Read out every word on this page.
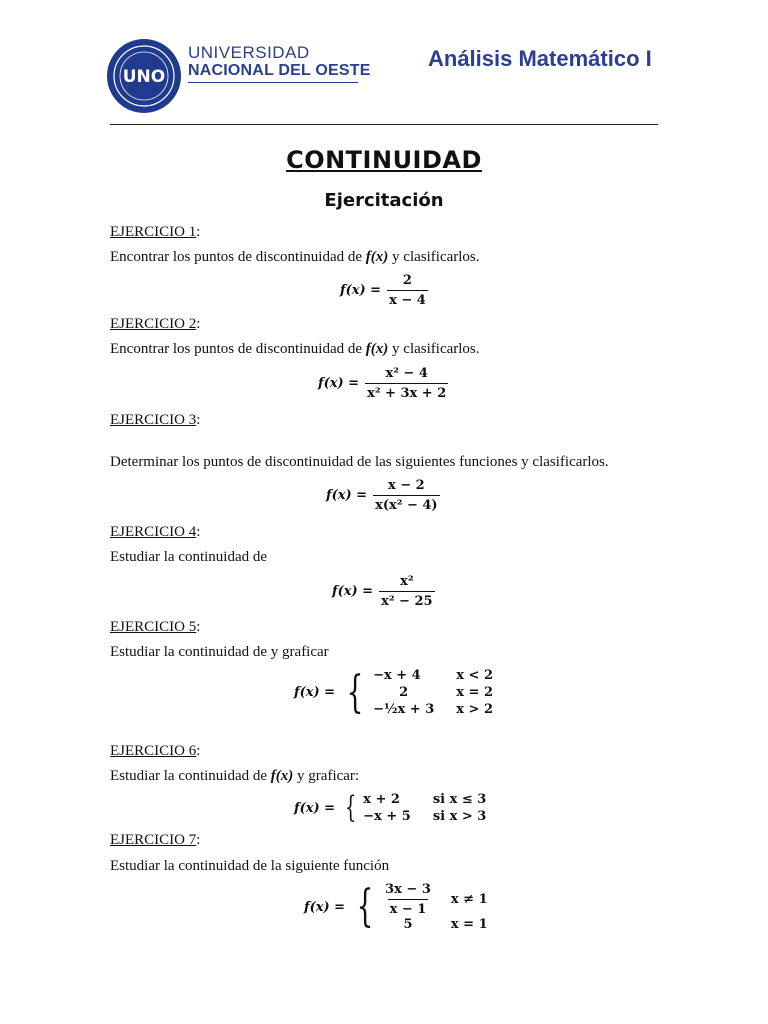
UNO
UNIVERSIDAD
NACIONAL DEL OESTE	Análisis Matemático I
CONTINUIDAD
Ejercitación
EJERCICIO 1:
Encontrar los puntos de discontinuidad de f(x) y clasificarlos.
$f(x) = \frac{2}{x - 4}$
EJERCICIO 2:
Encontrar los puntos de discontinuidad de f(x) y clasificarlos.
$f(x) = \frac{\text{x² − 4}}{\text{x² + 3x + 2}}$
EJERCICIO 3:
Determinar los puntos de discontinuidad de las siguientes funciones y clasificarlos.
$f(x) = \frac{x - 2}{\text{x(x² − 4)}}$
EJERCICIO 4:
Estudiar la continuidad de
$f(x) = \frac{\text{x²}}{\text{x² − 25}}$
EJERCICIO 5:
Estudiar la continuidad de y graficar
f(x) = { −x + 4	x < 2
2	x = 2
−½x + 3 x > 2
EJERCICIO 6:
Estudiar la continuidad de f(x) y graficar:
f(x) = { x + 2	si x ≤ 3
−x + 5 si x > 3
EJERCICIO 7:
Estudiar la continuidad de la siguiente función
f(x) = { $\frac{3x - 3}{x - 1}$ x ≠ 1
5	x = 1
